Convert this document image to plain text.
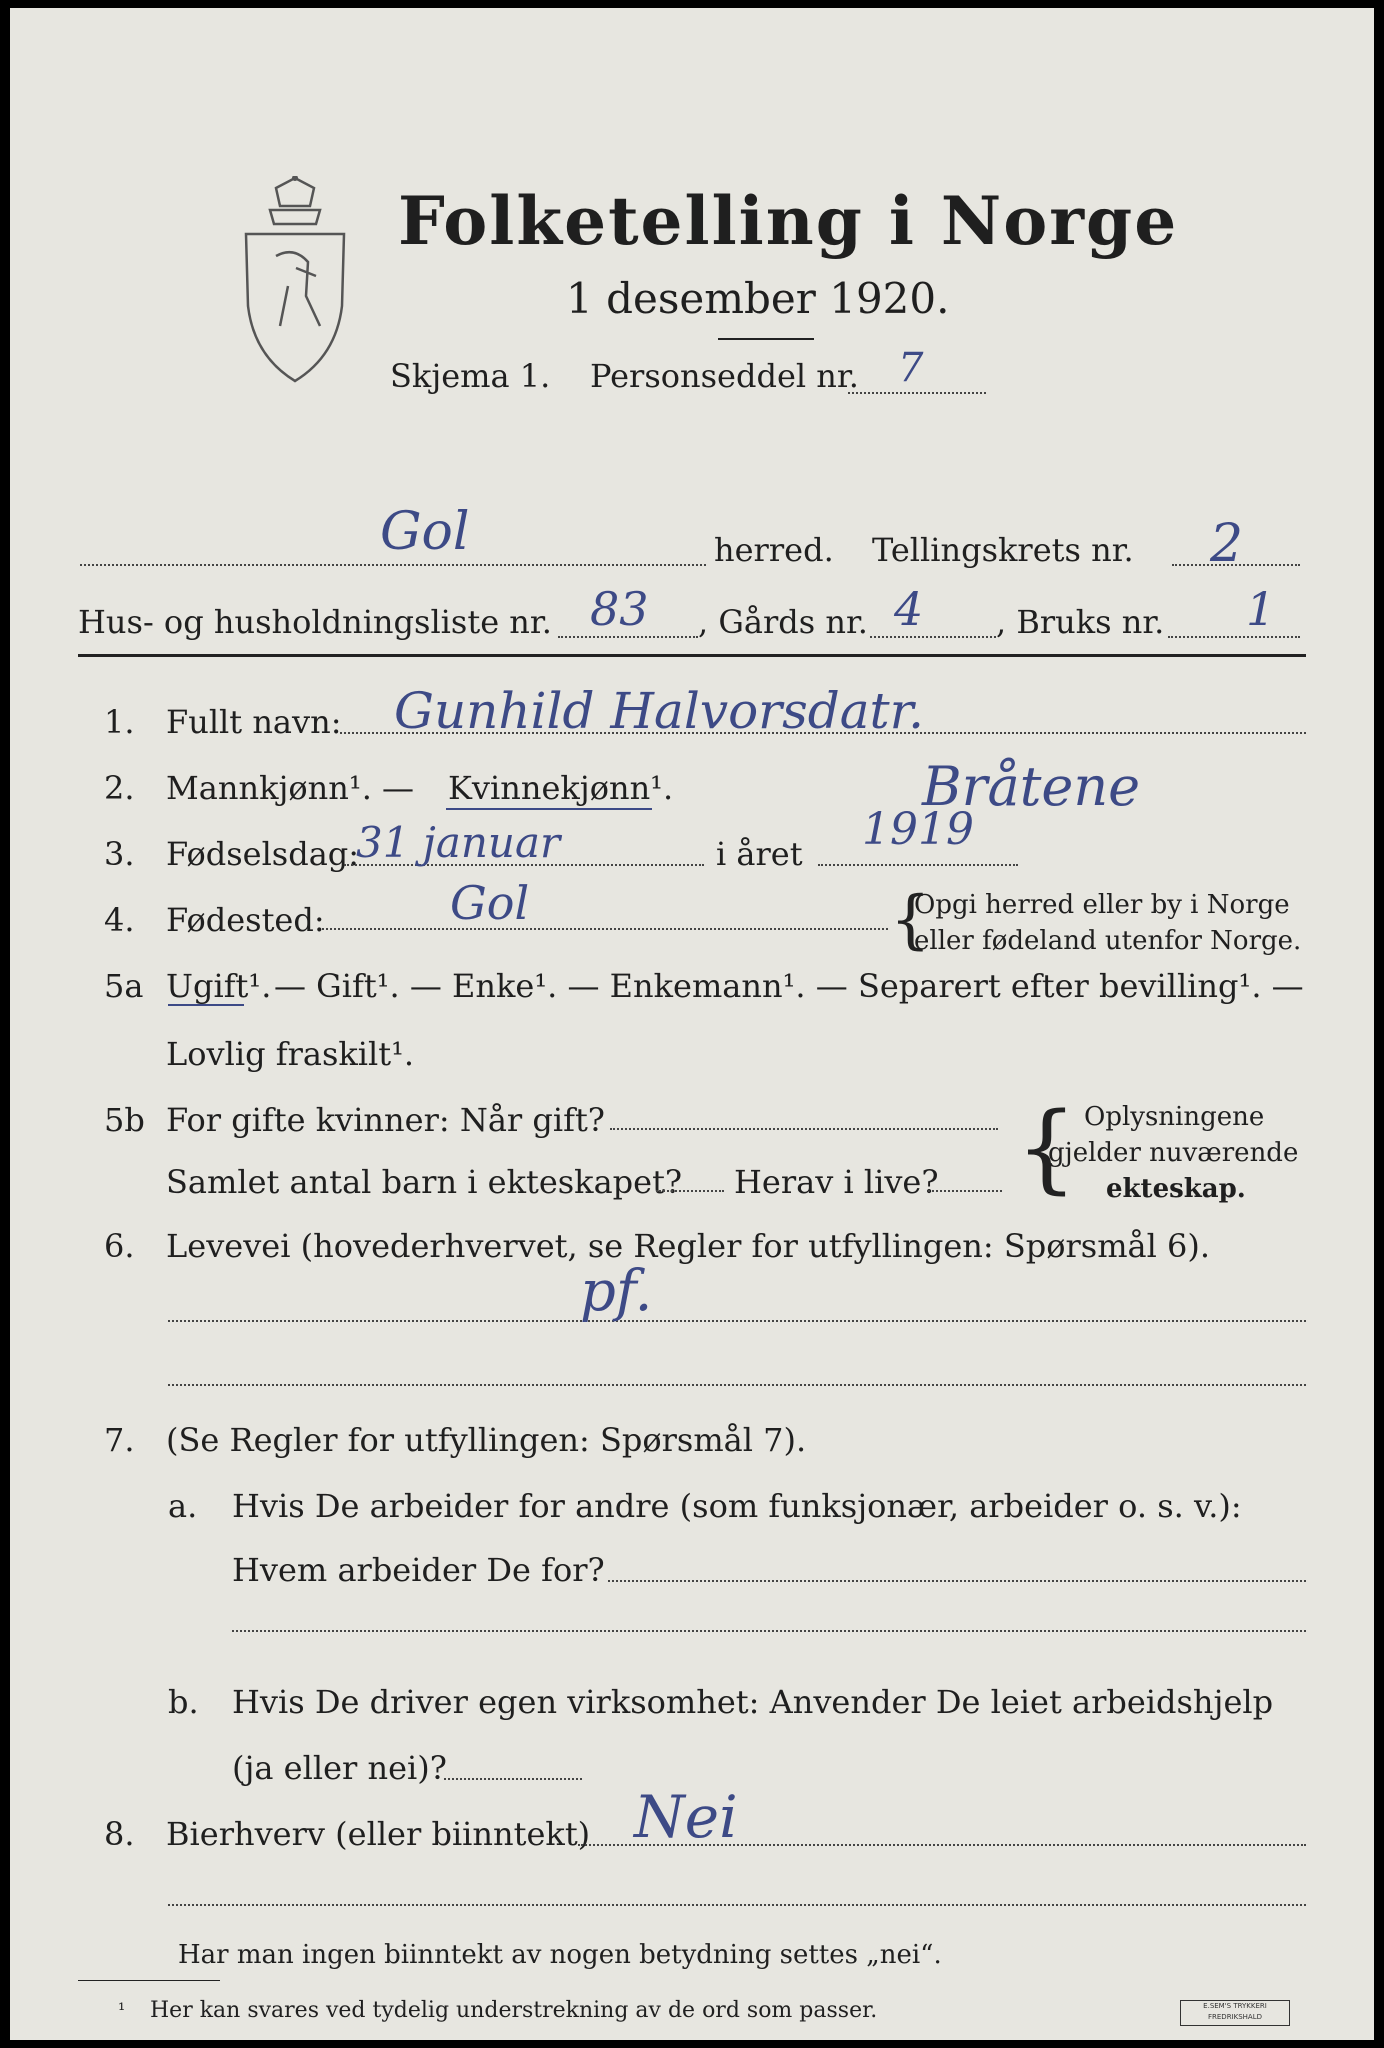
Folketelling i Norge
1 desember 1920.
Skjema 1. Personseddel nr. 7
Gol	herred. Tellingskrets nr. 2
Hus- og husholdningsliste nr. 83 , Gårds nr. 4 , Bruks nr. 1
1. Fullt navn: Gunhild Halvorsdatr.
2. Mannkjønn¹. — Kvinnekjønn¹.	Bråtene
3. Fødselsdag:
31 januar	i året 1919
4. Fødested:	Gol	{
Opgi herred eller by i Norge
eller fødeland utenfor Norge.
5a Ugift¹. — Gift¹. — Enke¹. — Enkemann¹. — Separert efter bevilling¹. —
Lovlig fraskilt¹.
5b For gifte kvinner: Når gift?
Samlet antal barn i ekteskapet? Herav i live? { Oplysningene
gjelder nuværende
ekteskap.
6. Levevei (hovederhvervet, se Regler for utfyllingen: Spørsmål 6).
pf.
7. (Se Regler for utfyllingen: Spørsmål 7).
a. Hvis De arbeider for andre (som funksjonær, arbeider o. s. v.):
Hvem arbeider De for?
b. Hvis De driver egen virksomhet: Anvender De leiet arbeidshjelp
(ja eller nei)?
8. Bierhverv (eller biinntekt) Nei
Har man ingen biinntekt av nogen betydning settes „nei“.
¹ Her kan svares ved tydelig understrekning av de ord som passer.	E.SEM'S TRYKKERI FREDRIKSHALD
